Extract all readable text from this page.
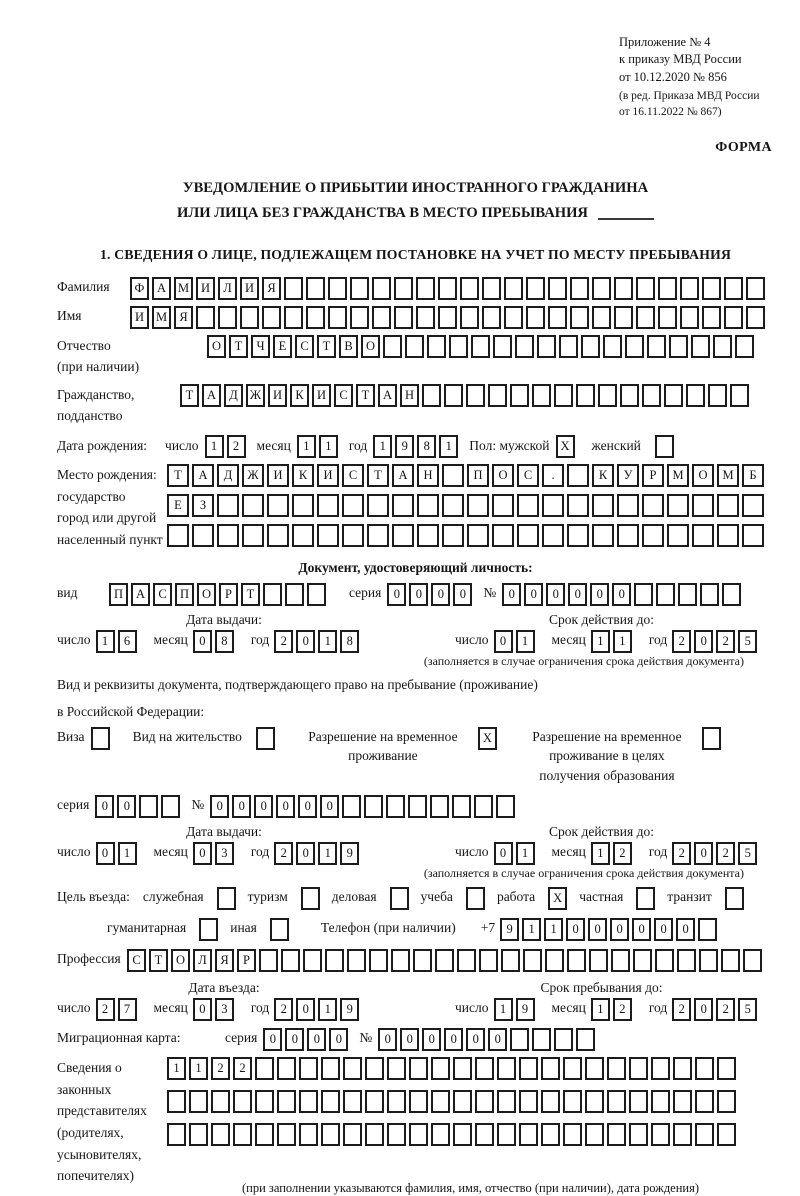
Приложение № 4
к приказу МВД России
от 10.12.2020 № 856
(в ред. Приказа МВД России
от 16.11.2022 № 867)
ФОРМА
УВЕДОМЛЕНИЕ О ПРИБЫТИИ ИНОСТРАННОГО ГРАЖДАНИНА
ИЛИ ЛИЦА БЕЗ ГРАЖДАНСТВА В МЕСТО ПРЕБЫВАНИЯ
1. СВЕДЕНИЯ О ЛИЦЕ, ПОДЛЕЖАЩЕМ ПОСТАНОВКЕ НА УЧЕТ ПО МЕСТУ ПРЕБЫВАНИЯ
Фамилия	Ф	А М И	Л	И	Я
Имя	И М Я
Отчество
(при наличии)
О	Т	Ч	Е	С	Т	В	О
Гражданство,
подданство
Т	А	Д Ж И	К	И	С	Т	А	Н
Дата рождения: число 1	2	месяц 1	1	год 1	9	8	1	Пол: мужской X	женский
Место рождения:
государство
город или другой
населенный пункт
Т	А	Д	Ж	И	К	И	С	Т	А	Н	П	О	С	.	К	У	Р	М	О	М	Б

Е	З

Документ, удостоверяющий личность:
вид	П	А	С	П	О	Р	Т	серия 0	0	0	0	№ 0	0	0	0	0	0
Дата выдачи:	Срок действия до:
число 1	6	месяц 0	8	год 2	0	1	8	число 0	1	месяц 1	1	год 2	0	2	5
(заполняется в случае ограничения срока действия документа)
Вид и реквизиты документа, подтверждающего право на пребывание (проживание)
в Российской Федерации:
Виза	Вид на жительство	Разрешение на временное проживание
X	Разрешение на временное проживание в целях получения образования
серия 0	0	№ 0	0	0	0	0	0
Дата выдачи:	Срок действия до:
число 0	1	месяц 0	3	год 2	0	1	9	число 0	1	месяц 1	2	год 2	0	2	5
(заполняется в случае ограничения срока действия документа)
Цель въезда: служебная	туризм	деловая	учеба	работа	X	частная	транзит
гуманитарная	иная	Телефон (при наличии) +7 9	1	1	0	0	0	0	0	0
Профессия С	Т	О	Л	Я	Р
Дата въезда:	Срок пребывания до:
число 2	7	месяц 0	3	год 2	0	1	9	число 1	9	месяц 1	2	год 2	0	2	5
Миграционная карта:	серия 0	0	0	0	№ 0	0	0	0	0	0
Сведения о
законных
представителях
(родителях,
усыновителях,
попечителях)
1	1	2	2

(при заполнении указываются фамилия, имя, отчество (при наличии), дата рождения)
